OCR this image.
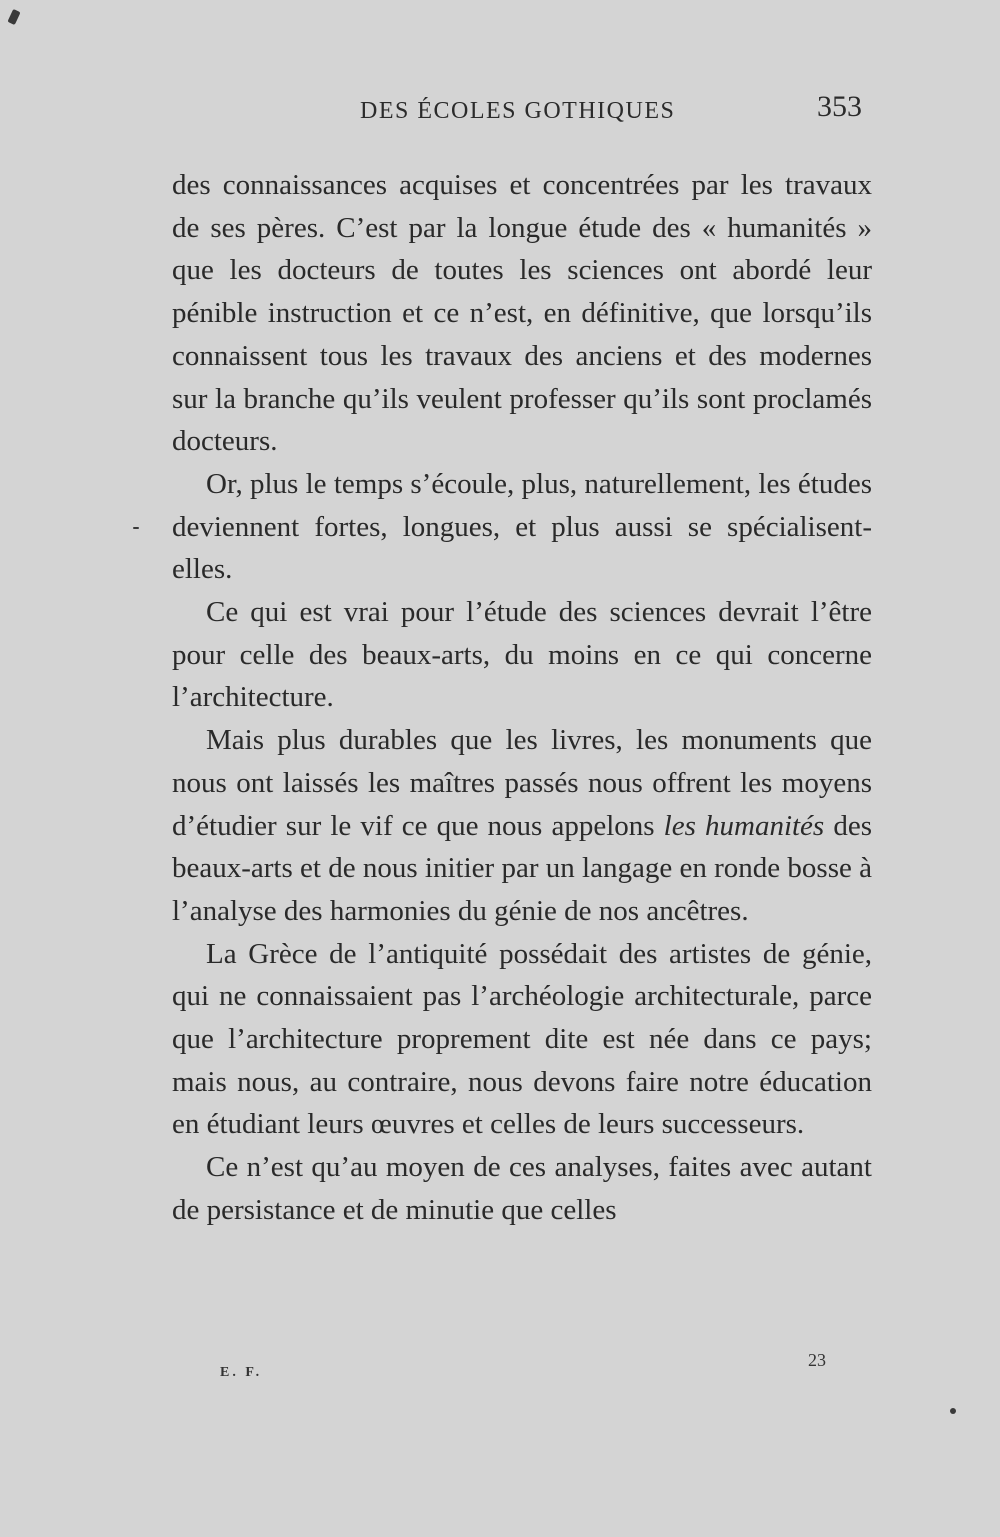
DES ÉCOLES GOTHIQUES	353

des connaissances acquises et concentrées par les travaux de ses pères. C’est par la longue étude des « humanités » que les docteurs de toutes les sciences ont abordé leur pénible instruction et ce n’est, en définitive, que lorsqu’ils connaissent tous les travaux des anciens et des modernes sur la branche qu’ils veulent professer qu’ils sont proclamés docteurs.

Or, plus le temps s’écoule, plus, naturellement, les études deviennent fortes, longues, et plus aussi se spécialisent-elles.

Ce qui est vrai pour l’étude des sciences devrait l’être pour celle des beaux-arts, du moins en ce qui concerne l’architecture.

Mais plus durables que les livres, les monuments que nous ont laissés les maîtres passés nous offrent les moyens d’étudier sur le vif ce que nous appelons les humanités des beaux-arts et de nous initier par un langage en ronde bosse à l’analyse des harmonies du génie de nos ancêtres.

La Grèce de l’antiquité possédait des artistes de génie, qui ne connaissaient pas l’archéologie architecturale, parce que l’architecture proprement dite est née dans ce pays; mais nous, au contraire, nous devons faire notre éducation en étudiant leurs œuvres et celles de leurs successeurs.

Ce n’est qu’au moyen de ces analyses, faites avec autant de persistance et de minutie que celles

E. F.
23
